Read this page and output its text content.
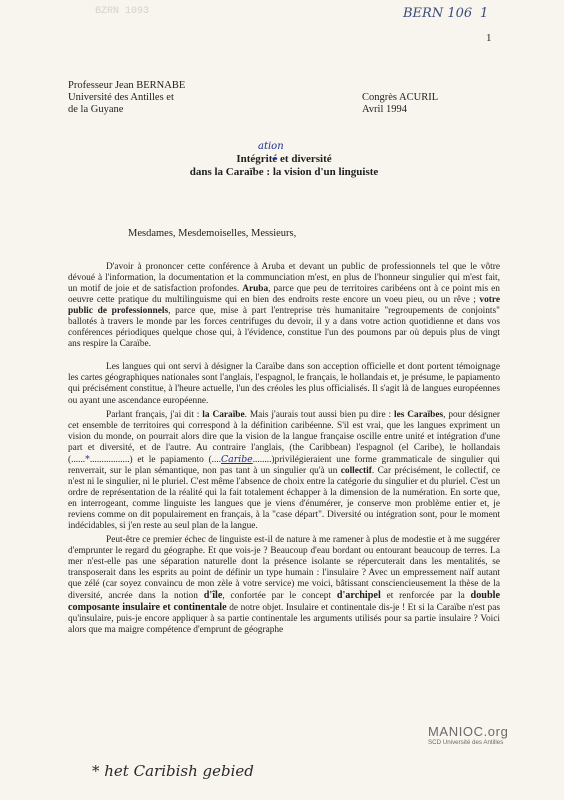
BERN 106 1
BZRN 1093
1
Professeur Jean BERNABE
Université des Antilles et
de la Guyane
Congrès ACURIL
Avril 1994
ation
Intégrité et diversité
dans la Caraïbe : la vision d'un linguiste
Mesdames, Mesdemoiselles, Messieurs,

D'avoir à prononcer cette conférence à Aruba et devant un public de professionnels tel que le vôtre dévoué à l'information, la documentation et la communciation m'est, en plus de l'honneur singulier qui m'est fait, un motif de joie et de satisfaction profondes. Aruba, parce que peu de territoires caribéens ont à ce point mis en oeuvre cette pratique du multilinguisme qui en bien des endroits reste encore un voeu pieu, ou un rêve ; votre public de professionnels, parce que, mise à part l'entreprise très humanitaire "regroupements de conjoints" ballotés à travers le monde par les forces centrifuges du devoir, il y a dans votre action quotidienne et dans vos conférences périodiques quelque chose qui, à l'évidence, constitue l'un des poumons par où depuis plus de vingt ans respire la Caraïbe.

Les langues qui ont servi à désigner la Caraïbe dans son acception officielle et dont portent témoignage les cartes géographiques nationales sont l'anglais, l'espagnol, le français, le hollandais et, je présume, le papiamento qui précisément constitue, à l'heure actuelle, l'un des créoles les plus officialisés. Il s'agit là de langues européennes ou ayant une ascendance européenne.

Parlant français, j'ai dit : la Caraïbe. Mais j'aurais tout aussi bien pu dire : les Caraïbes, pour désigner cet ensemble de territoires qui correspond à la définition caribéenne. S'il est vrai, que les langues expriment un vision du monde, on pourrait alors dire que la vision de la langue française oscille entre unité et intégration d'une part et diversité, et de l'autre. Au contraire l'anglais, (the Caribbean) l'espagnol (el Caribe), le hollandais (......*.................) et le papiamento (....Caribe........)privilégieraient une forme grammaticale de singulier qui renverrait, sur le plan sémantique, non pas tant à un singulier qu'à un collectif. Car précisément, le collectif, ce n'est ni le singulier, ni le pluriel. C'est même l'absence de choix entre la catégorie du singulier et du pluriel. C'est un ordre de représentation de la réalité qui la fait totalement échapper à la dimension de la numération. En sorte que, en interrogeant, comme linguiste les langues que je viens d'énumérer, je conserve mon problème entier et, je reviens comme on dit populairement en français, à la "case départ". Diversité ou intégration sont, pour le moment indécidables, si j'en reste au seul plan de la langue.

Peut-être ce premier échec de linguiste est-il de nature à me ramener à plus de modestie et à me suggérer d'emprunter le regard du géographe. Et que vois-je ? Beaucoup d'eau bordant ou entourant beaucoup de terres. La mer n'est-elle pas une séparation naturelle dont la présence isolante se répercuterait dans les mentalités, se transposerait dans les esprits au point de définir un type humain : l'insulaire ? Avec un empressement naïf autant que zélé (car soyez convaincu de mon zèle à votre service) me voici, bâtissant consciencieusement la thèse de la diversité, ancrée dans la notion d'île, confortée par le concept d'archipel et renforcée par la double composante insulaire et continentale de notre objet. Insulaire et continentale dis-je ! Et si la Caraïbe n'est pas qu'insulaire, puis-je encore appliquer à sa partie continentale les arguments utilisés pour sa partie insulaire ? Voici alors que ma maigre compétence d'emprunt de géographe

* het Caribish gebied
MANIOC.org
SCD Université des Antilles
